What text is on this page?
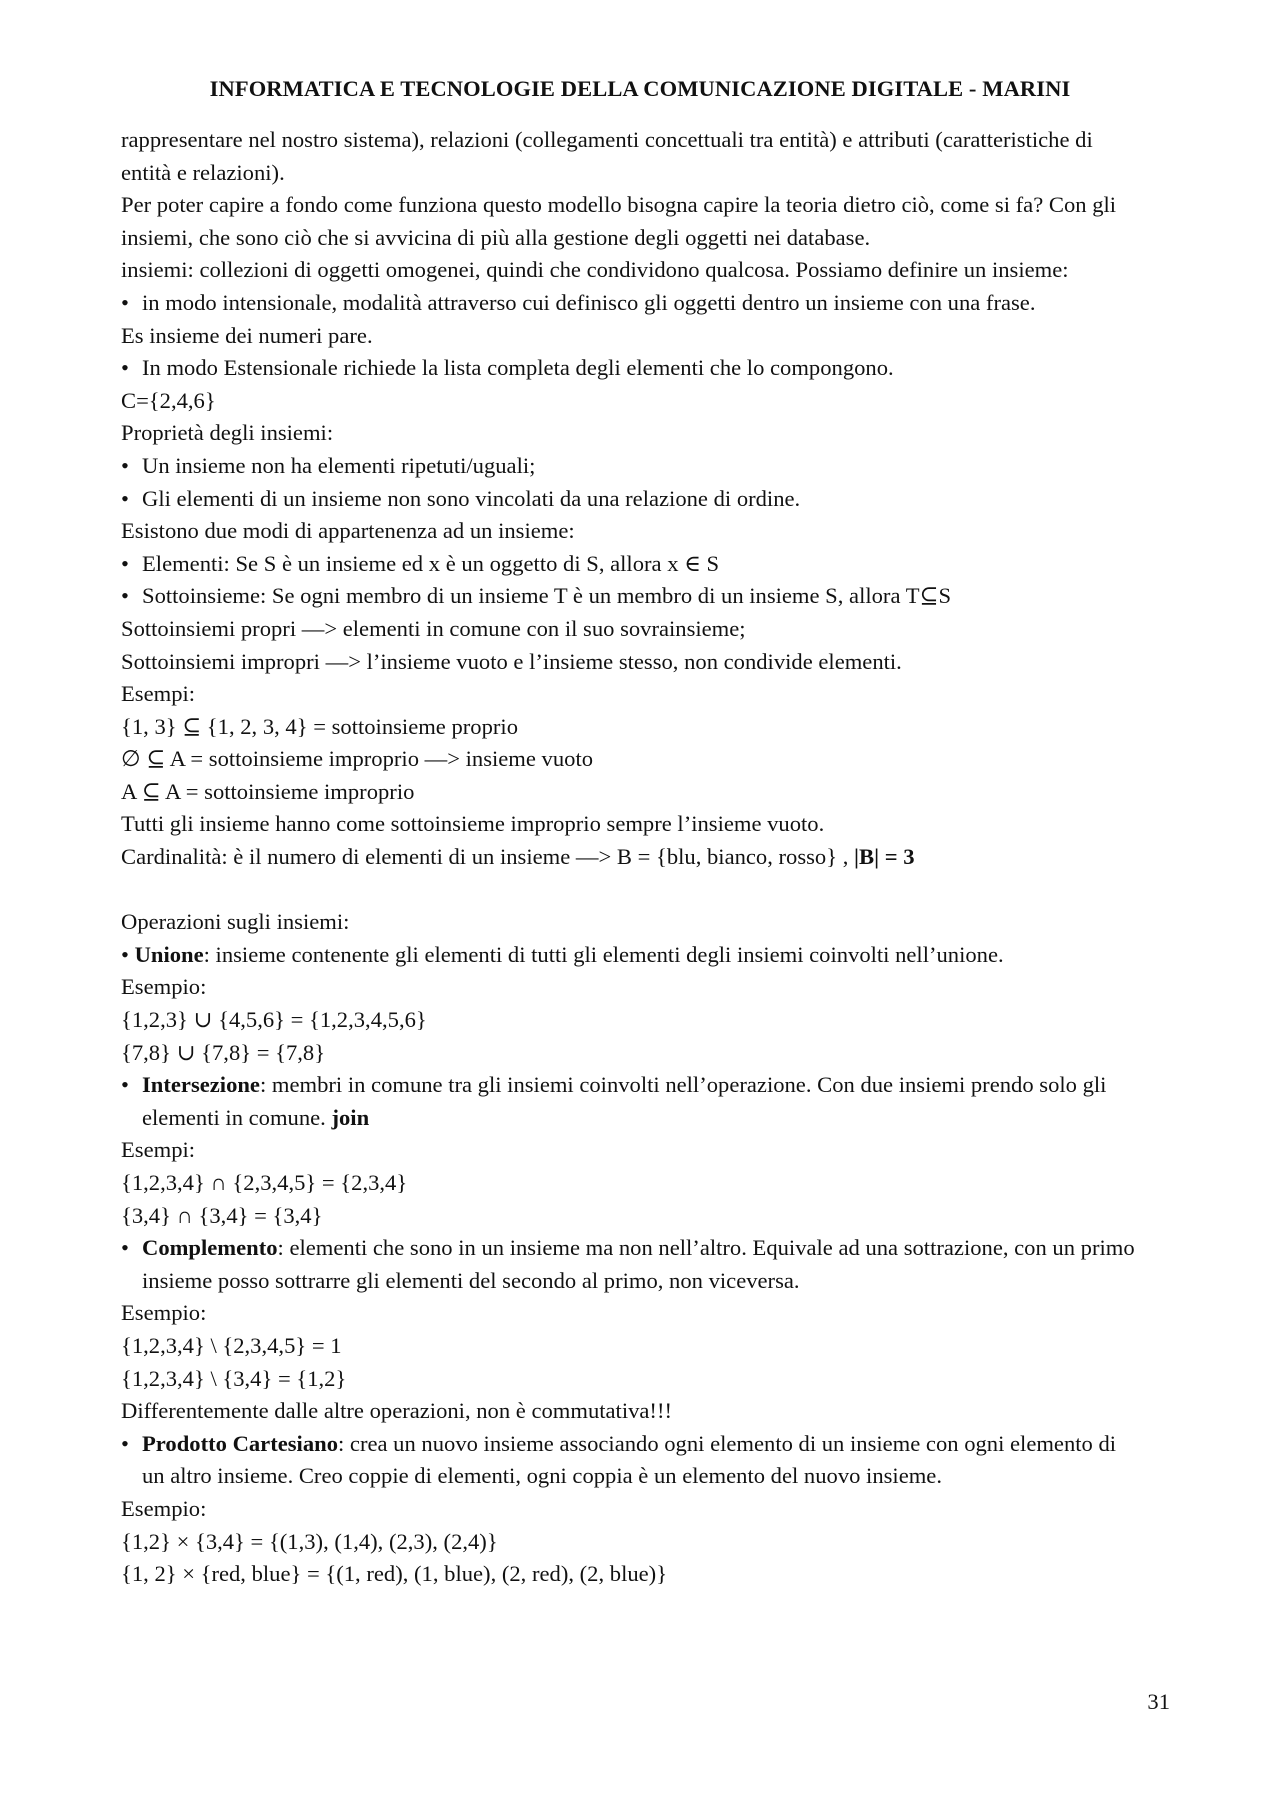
INFORMATICA E TECNOLOGIE DELLA COMUNICAZIONE DIGITALE - MARINI

rappresentare nel nostro sistema), relazioni (collegamenti concettuali tra entità) e attributi (caratteristiche di entità e relazioni).

Per poter capire a fondo come funziona questo modello bisogna capire la teoria dietro ciò, come si fa? Con gli insiemi, che sono ciò che si avvicina di più alla gestione degli oggetti nei database.

insiemi: collezioni di oggetti omogenei, quindi che condividono qualcosa. Possiamo definire un insieme:

• in modo intensionale, modalità attraverso cui definisco gli oggetti dentro un insieme con una frase.

Es insieme dei numeri pare.

• In modo Estensionale richiede la lista completa degli elementi che lo compongono.

C={2,4,6}

Proprietà degli insiemi:

• Un insieme non ha elementi ripetuti/uguali;

• Gli elementi di un insieme non sono vincolati da una relazione di ordine.

Esistono due modi di appartenenza ad un insieme:

• Elementi: Se S è un insieme ed x è un oggetto di S, allora x ∈ S

• Sottoinsieme: Se ogni membro di un insieme T è un membro di un insieme S, allora T⊆S

Sottoinsiemi propri —> elementi in comune con il suo sovrainsieme;

Sottoinsiemi impropri —> l’insieme vuoto e l’insieme stesso, non condivide elementi.

Esempi:

{1, 3} ⊆ {1, 2, 3, 4} = sottoinsieme proprio

∅ ⊆ A = sottoinsieme improprio —> insieme vuoto

A ⊆ A = sottoinsieme improprio

Tutti gli insieme hanno come sottoinsieme improprio sempre l’insieme vuoto.

Cardinalità: è il numero di elementi di un insieme —> B = {blu, bianco, rosso} , |B| = 3

Operazioni sugli insiemi:

• Unione: insieme contenente gli elementi di tutti gli elementi degli insiemi coinvolti nell’unione.

Esempio:

{1,2,3} ∪ {4,5,6} = {1,2,3,4,5,6}

{7,8} ∪ {7,8} = {7,8}

• Intersezione: membri in comune tra gli insiemi coinvolti nell’operazione. Con due insiemi prendo solo gli elementi in comune. join

Esempi:

{1,2,3,4} ∩ {2,3,4,5} = {2,3,4}

{3,4} ∩ {3,4} = {3,4}

• Complemento: elementi che sono in un insieme ma non nell’altro. Equivale ad una sottrazione, con un primo insieme posso sottrarre gli elementi del secondo al primo, non viceversa.

Esempio:

{1,2,3,4} \ {2,3,4,5} = 1

{1,2,3,4} \ {3,4} = {1,2}

Differentemente dalle altre operazioni, non è commutativa!!!

• Prodotto Cartesiano: crea un nuovo insieme associando ogni elemento di un insieme con ogni elemento di un altro insieme. Creo coppie di elementi, ogni coppia è un elemento del nuovo insieme.

Esempio:

{1,2} × {3,4} = {(1,3), (1,4), (2,3), (2,4)}

{1, 2} × {red, blue} = {(1, red), (1, blue), (2, red), (2, blue)}

31
